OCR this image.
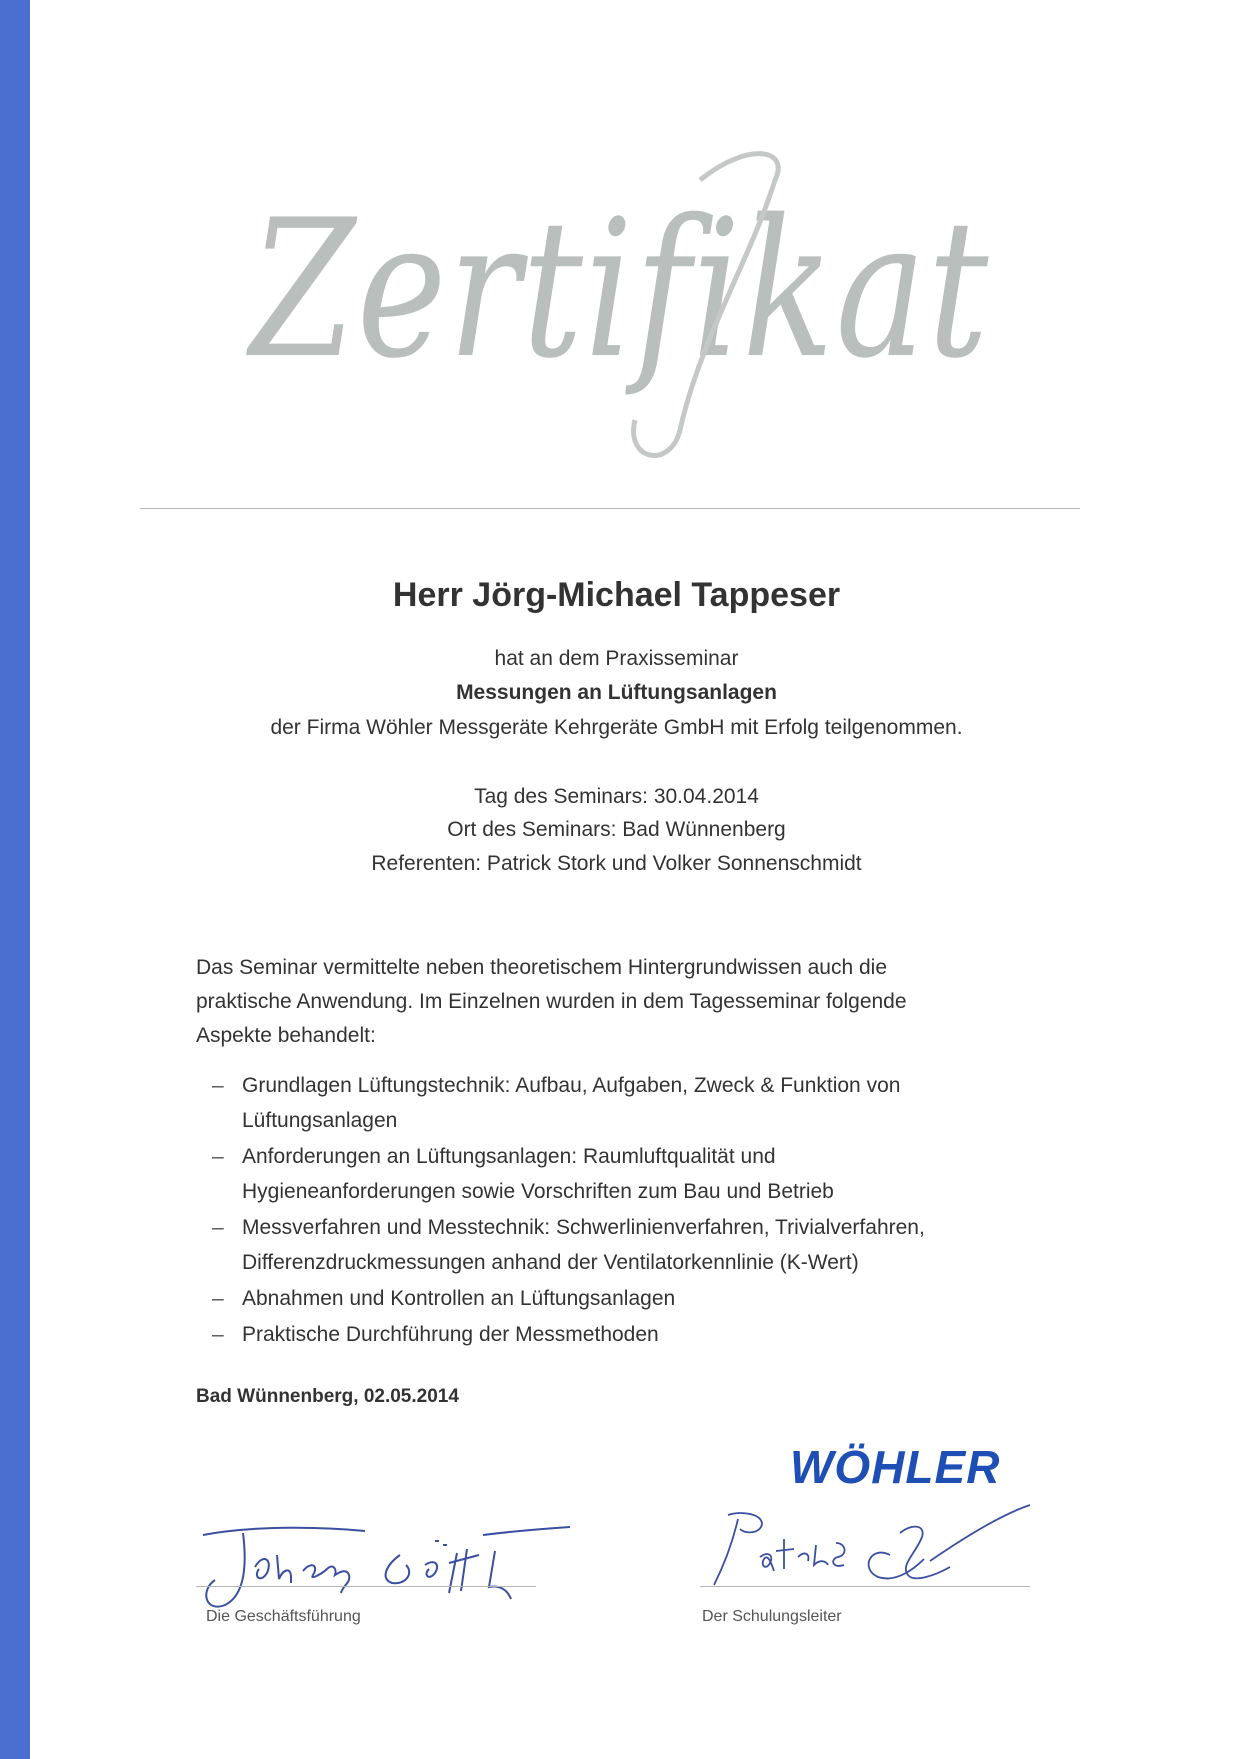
Zertifikat
Herr Jörg-Michael Tappeser
hat an dem Praxisseminar
Messungen an Lüftungsanlagen
der Firma Wöhler Messgeräte Kehrgeräte GmbH mit Erfolg teilgenommen.
Tag des Seminars: 30.04.2014
Ort des Seminars: Bad Wünnenberg
Referenten: Patrick Stork und Volker Sonnenschmidt
Das Seminar vermittelte neben theoretischem Hintergrundwissen auch die
praktische Anwendung. Im Einzelnen wurden in dem Tagesseminar folgende
Aspekte behandelt:
– Grundlagen Lüftungstechnik: Aufbau, Aufgaben, Zweck & Funktion von
Lüftungsanlagen
– Anforderungen an Lüftungsanlagen: Raumluftqualität und
Hygieneanforderungen sowie Vorschriften zum Bau und Betrieb
– Messverfahren und Messtechnik: Schwerlinienverfahren, Trivialverfahren,
Differenzdruckmessungen anhand der Ventilatorkennlinie (K-Wert)
– Abnahmen und Kontrollen an Lüftungsanlagen
– Praktische Durchführung der Messmethoden
Bad Wünnenberg, 02.05.2014
WÖHLER
Die Geschäftsführung	Der Schulungsleiter
